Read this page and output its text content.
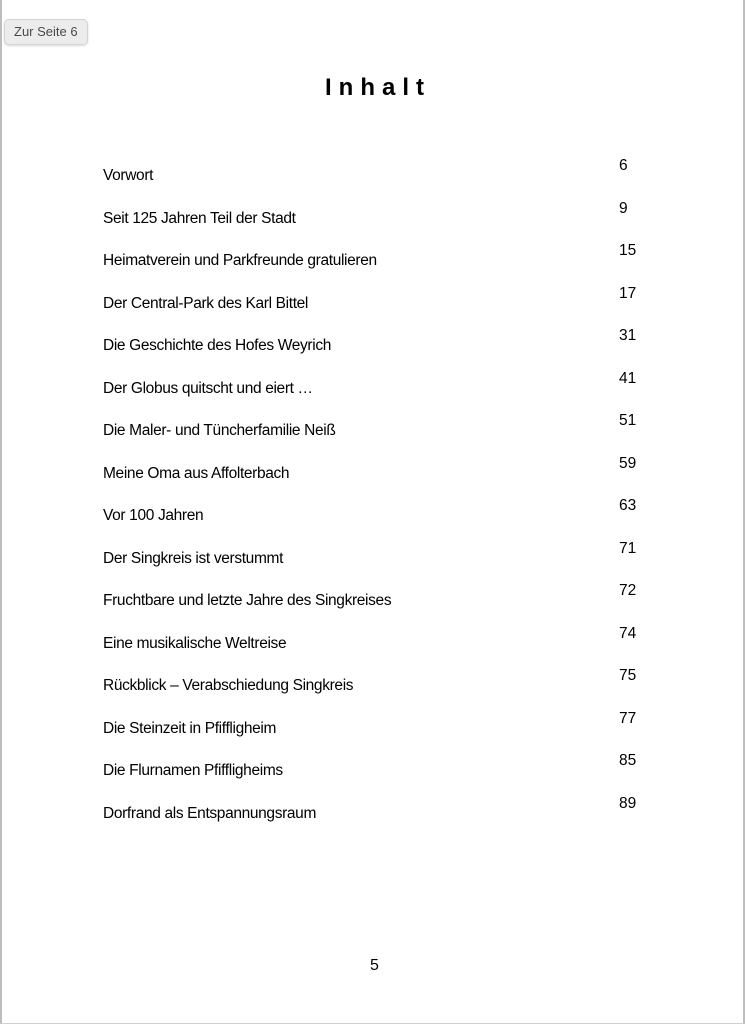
Zur Seite 6
Inhalt
Vorwort
6
Seit 125 Jahren Teil der Stadt
9
Heimatverein und Parkfreunde gratulieren
15
Der Central-Park des Karl Bittel
17
Die Geschichte des Hofes Weyrich
31
Der Globus quitscht und eiert …
41
Die Maler- und Tüncherfamilie Neiß
51
Meine Oma aus Affolterbach
59
Vor 100 Jahren
63
Der Singkreis ist verstummt
71
Fruchtbare und letzte Jahre des Singkreises
72
Eine musikalische Weltreise
74
Rückblick – Verabschiedung Singkreis
75
Die Steinzeit in Pfiffligheim
77
Die Flurnamen Pfiffligheims
85
Dorfrand als Entspannungsraum
89
5
